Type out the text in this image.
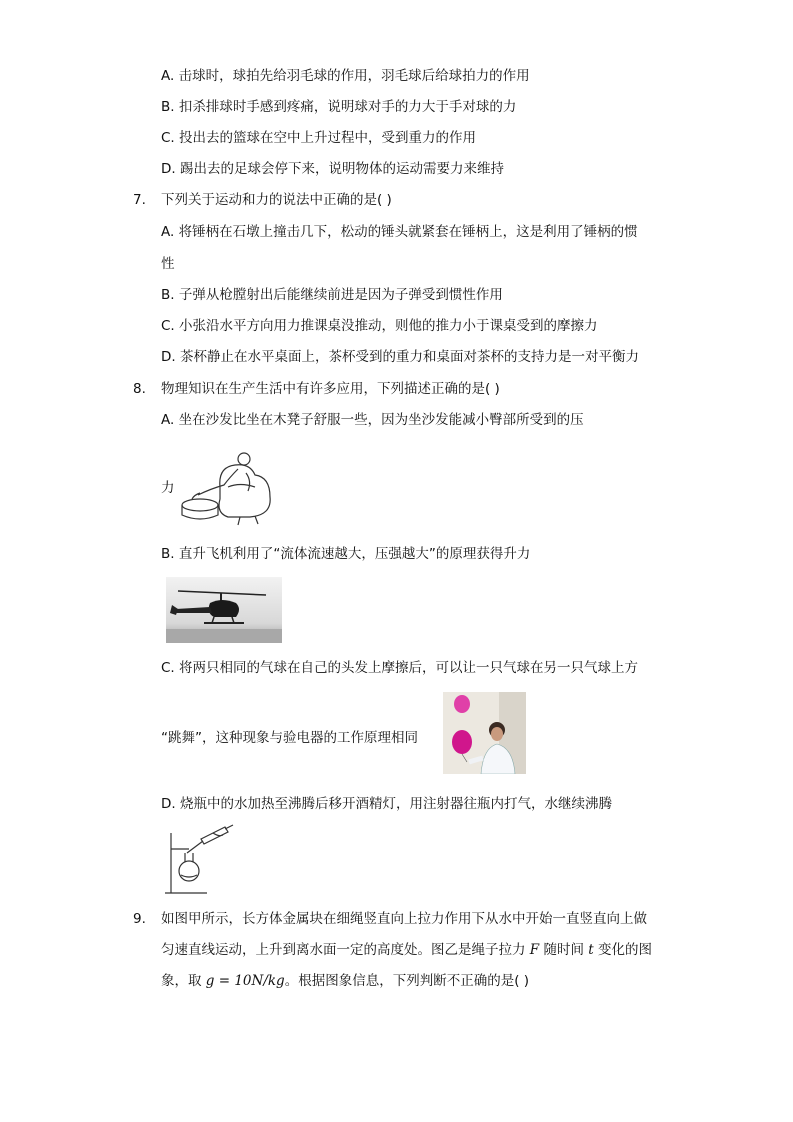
A. 击球时，球拍先给羽毛球的作用，羽毛球后给球拍力的作用
B. 扣杀排球时手感到疼痛，说明球对手的力大于手对球的力
C. 投出去的篮球在空中上升过程中，受到重力的作用
D. 踢出去的足球会停下来，说明物体的运动需要力来维持
7. 下列关于运动和力的说法中正确的是( )
A. 将锤柄在石墩上撞击几下，松动的锤头就紧套在锤柄上，这是利用了锤柄的惯
性
B. 子弹从枪膛射出后能继续前进是因为子弹受到惯性作用
C. 小张沿水平方向用力推课桌没推动，则他的推力小于课桌受到的摩擦力
D. 茶杯静止在水平桌面上，茶杯受到的重力和桌面对茶杯的支持力是一对平衡力
8. 物理知识在生产生活中有许多应用，下列描述正确的是( )
A. 坐在沙发比坐在木凳子舒服一些，因为坐沙发能减小臀部所受到的压
力
B. 直升飞机利用了“流体流速越大，压强越大”的原理获得升力
C. 将两只相同的气球在自己的头发上摩擦后，可以让一只气球在另一只气球上方
“跳舞”，这种现象与验电器的工作原理相同
D. 烧瓶中的水加热至沸腾后移开酒精灯，用注射器往瓶内打气，水继续沸腾
9. 如图甲所示，长方体金属块在细绳竖直向上拉力作用下从水中开始一直竖直向上做
匀速直线运动，上升到离水面一定的高度处。图乙是绳子拉力 F 随时间 t 变化的图
象，取 g = 10N/kg。根据图象信息，下列判断不正确的是( )
